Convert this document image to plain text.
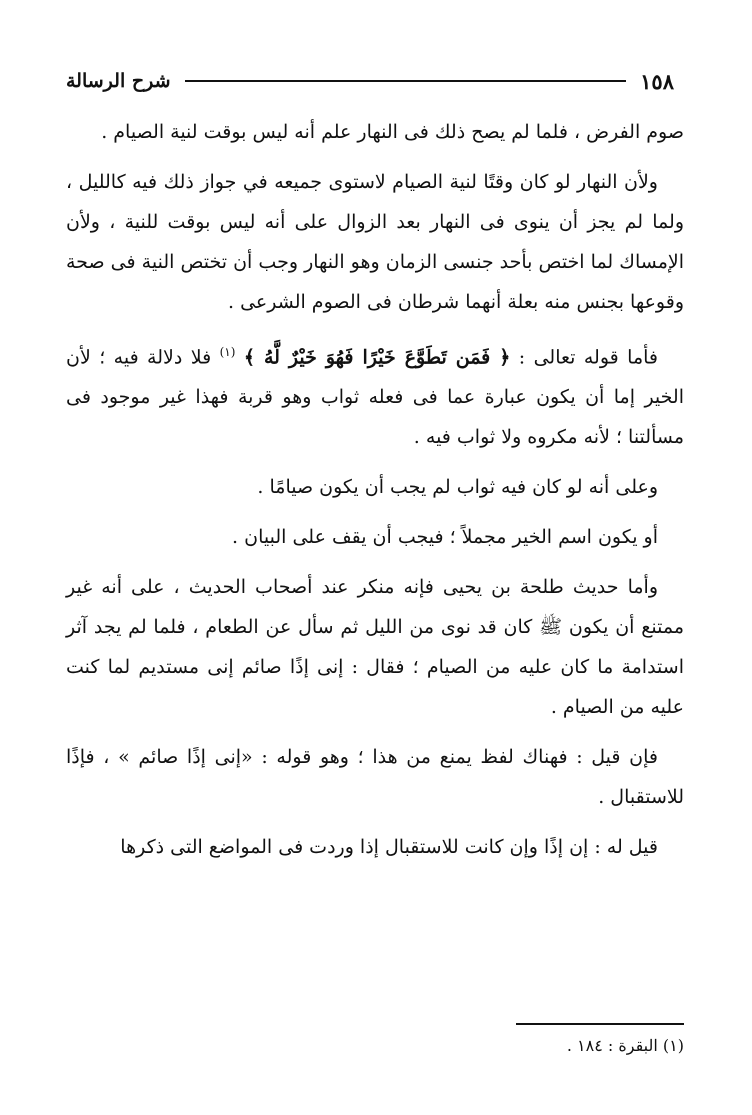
١٥٨
شرح الرسالة

صوم الفرض ، فلما لم يصح ذلك فى النهار علم أنه ليس بوقت لنية الصيام .

ولأن النهار لو كان وقتًا لنية الصيام لاستوى جميعه في جواز ذلك فيه كالليل ، ولما لم يجز أن ينوى فى النهار بعد الزوال على أنه ليس بوقت للنية ، ولأن الإمساك لما اختص بأحد جنسى الزمان وهو النهار وجب أن تختص النية فى صحة وقوعها بجنس منه بعلة أنهما شرطان فى الصوم الشرعى .

فأما قوله تعالى : ﴿ فَمَن تَطَوَّعَ خَيْرًا فَهُوَ خَيْرٌ لَّهُ ﴾ $^{(١)}$ فلا دلالة فيه ؛ لأن الخير إما أن يكون عبارة عما فى فعله ثواب وهو قربة فهذا غير موجود فى مسألتنا ؛ لأنه مكروه ولا ثواب فيه .

وعلى أنه لو كان فيه ثواب لم يجب أن يكون صيامًا .

أو يكون اسم الخير مجملاً ؛ فيجب أن يقف على البيان .

وأما حديث طلحة بن يحيى فإنه منكر عند أصحاب الحديث ، على أنه غير ممتنع أن يكون ﷺ كان قد نوى من الليل ثم سأل عن الطعام ، فلما لم يجد آثر استدامة ما كان عليه من الصيام ؛ فقال : إنى إذًا صائم إنى مستديم لما كنت عليه من الصيام .

فإن قيل : فهناك لفظ يمنع من هذا ؛ وهو قوله : «إنى إذًا صائم » ، فإذًا للاستقبال .

قيل له : إن إذًا وإن كانت للاستقبال إذا وردت فى المواضع التى ذكرها

(١) البقرة : ١٨٤ .
